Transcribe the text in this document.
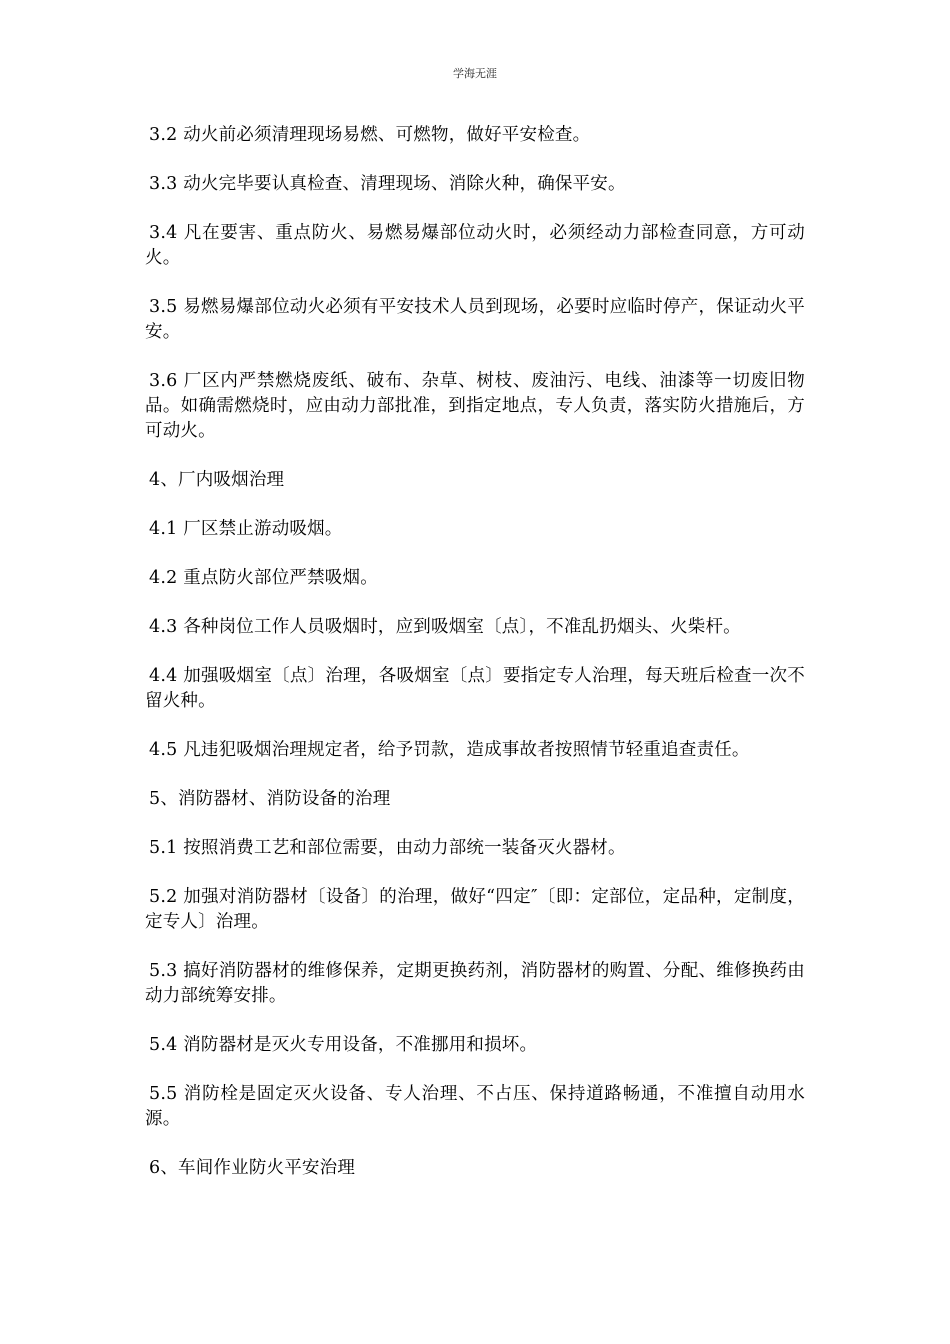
学海无涯

3.2 动火前必须清理现场易燃、可燃物，做好平安检查。

3.3 动火完毕要认真检查、清理现场、消除火种，确保平安。

3.4 凡在要害、重点防火、易燃易爆部位动火时，必须经动力部检查同意，方可动火。

3.5 易燃易爆部位动火必须有平安技术人员到现场，必要时应临时停产，保证动火平安。

3.6 厂区内严禁燃烧废纸、破布、杂草、树枝、废油污、电线、油漆等一切废旧物品。如确需燃烧时，应由动力部批准，到指定地点，专人负责，落实防火措施后，方可动火。

4、厂内吸烟治理

4.1 厂区禁止游动吸烟。

4.2 重点防火部位严禁吸烟。

4.3 各种岗位工作人员吸烟时，应到吸烟室〔点〕，不准乱扔烟头、火柴杆。

4.4 加强吸烟室〔点〕治理，各吸烟室〔点〕要指定专人治理，每天班后检查一次不留火种。

4.5 凡违犯吸烟治理规定者，给予罚款，造成事故者按照情节轻重追查责任。

5、消防器材、消防设备的治理

5.1 按照消费工艺和部位需要，由动力部统一装备灭火器材。

5.2 加强对消防器材〔设备〕的治理，做好“四定″〔即：定部位，定品种，定制度，定专人〕治理。

5.3 搞好消防器材的维修保养，定期更换药剂，消防器材的购置、分配、维修换药由动力部统筹安排。

5.4 消防器材是灭火专用设备，不准挪用和损坏。

5.5 消防栓是固定灭火设备、专人治理、不占压、保持道路畅通，不准擅自动用水源。

6、车间作业防火平安治理
